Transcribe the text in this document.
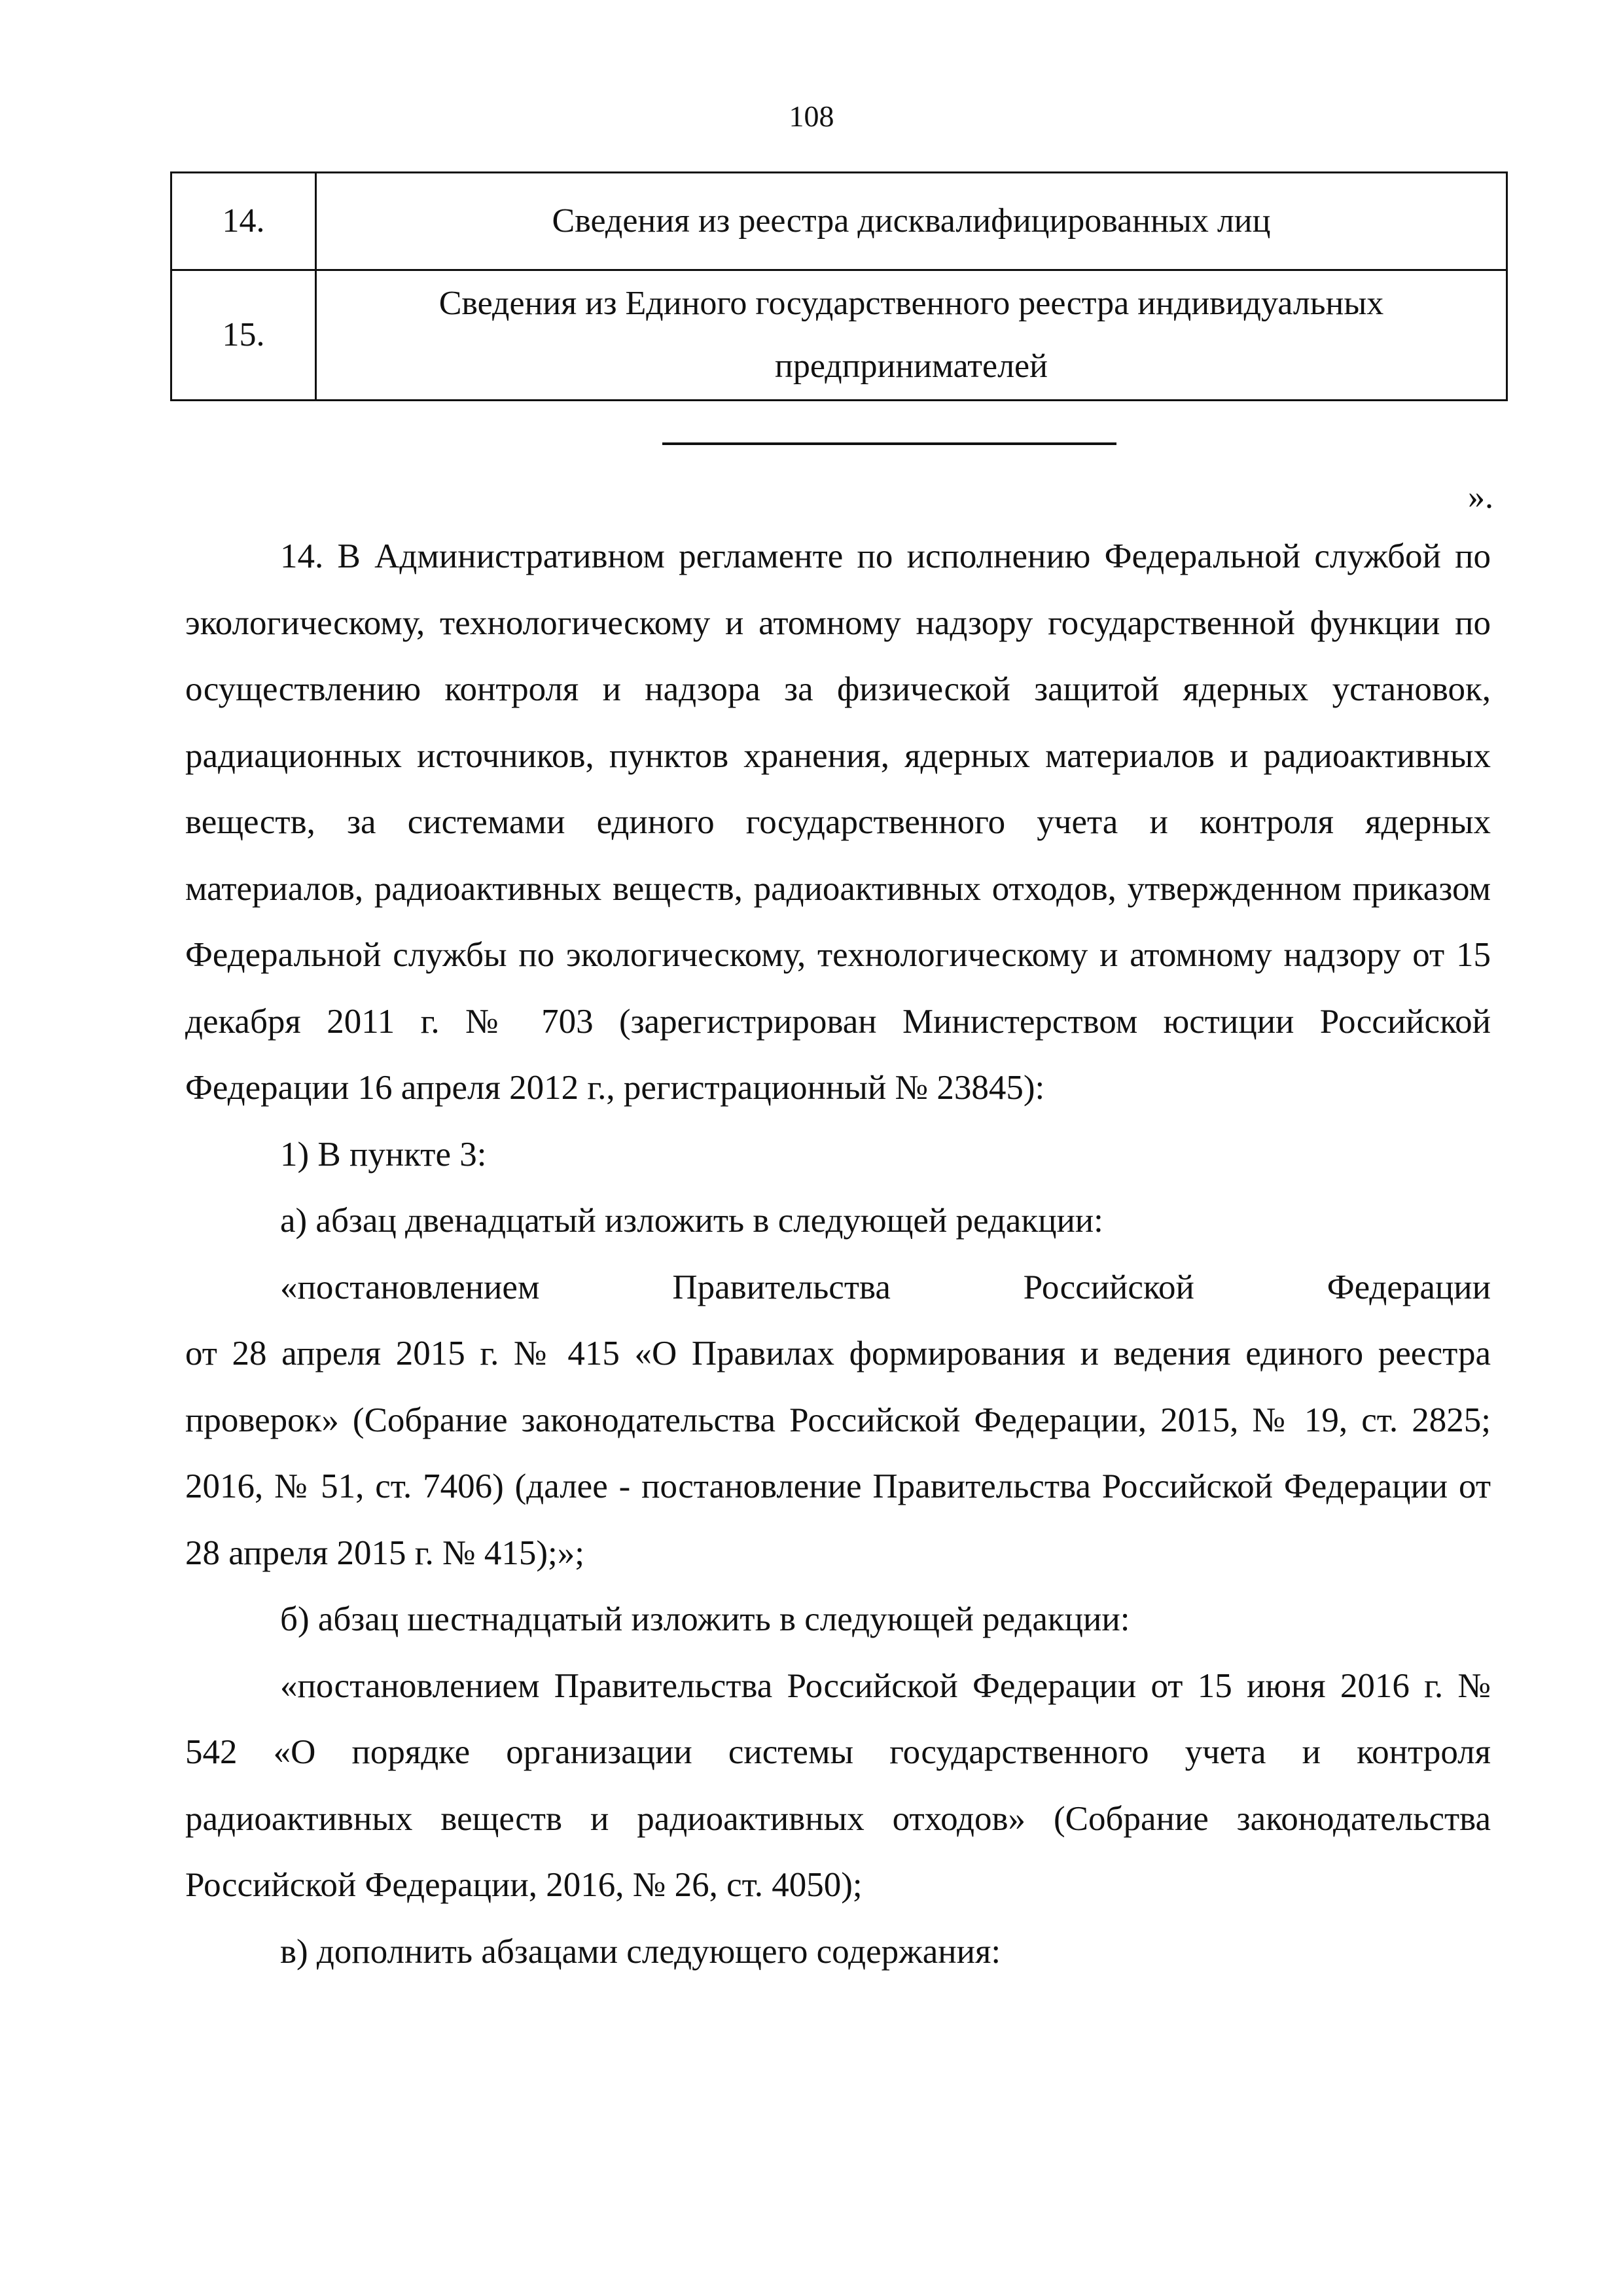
108
14.	Сведения из реестра дисквалифицированных лиц
15.	Сведения из Единого государственного реестра индивидуальных предпринимателей
».

14. В Административном регламенте по исполнению Федеральной службой по экологическому, технологическому и атомному надзору государственной функции по осуществлению контроля и надзора за физической защитой ядерных установок, радиационных источников, пунктов хранения, ядерных материалов и радиоактивных веществ, за системами единого государственного учета и контроля ядерных материалов, радиоактивных веществ, радиоактивных отходов, утвержденном приказом Федеральной службы по экологическому, технологическому и атомному надзору от 15 декабря 2011 г. № 703 (зарегистрирован Министерством юстиции Российской Федерации 16 апреля 2012 г., регистрационный № 23845):

1) В пункте 3:

а) абзац двенадцатый изложить в следующей редакции:

«постановлением Правительства Российской Федерации

от 28 апреля 2015 г. № 415 «О Правилах формирования и ведения единого реестра проверок» (Собрание законодательства Российской Федерации, 2015, № 19, ст. 2825; 2016, № 51, ст. 7406) (далее - постановление Правительства Российской Федерации от 28 апреля 2015 г. № 415);»;

б) абзац шестнадцатый изложить в следующей редакции:

«постановлением Правительства Российской Федерации от 15 июня 2016 г. № 542 «О порядке организации системы государственного учета и контроля радиоактивных веществ и радиоактивных отходов» (Собрание законодательства Российской Федерации, 2016, № 26, ст. 4050);

в) дополнить абзацами следующего содержания:
